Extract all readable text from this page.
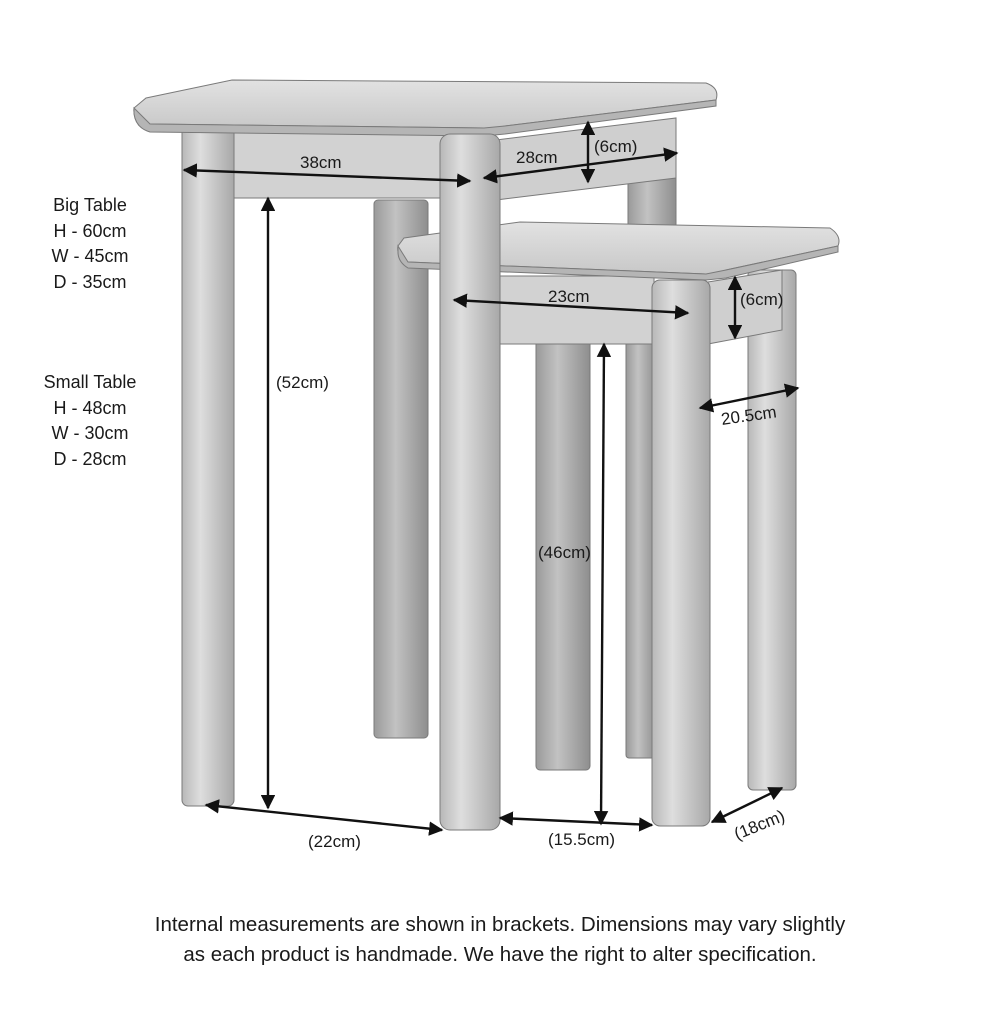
38cm	28cm
(6cm)
(52cm)
(22cm)
23cm	(6cm)
20.5cm
(46cm)
(15.5cm)	(18cm)
Big Table
H - 60cm
W - 45cm
D - 35cm
Small Table
H - 48cm
W - 30cm
D - 28cm
Internal measurements are shown in brackets. Dimensions may vary slightly
as each product is handmade. We have the right to alter specification.
